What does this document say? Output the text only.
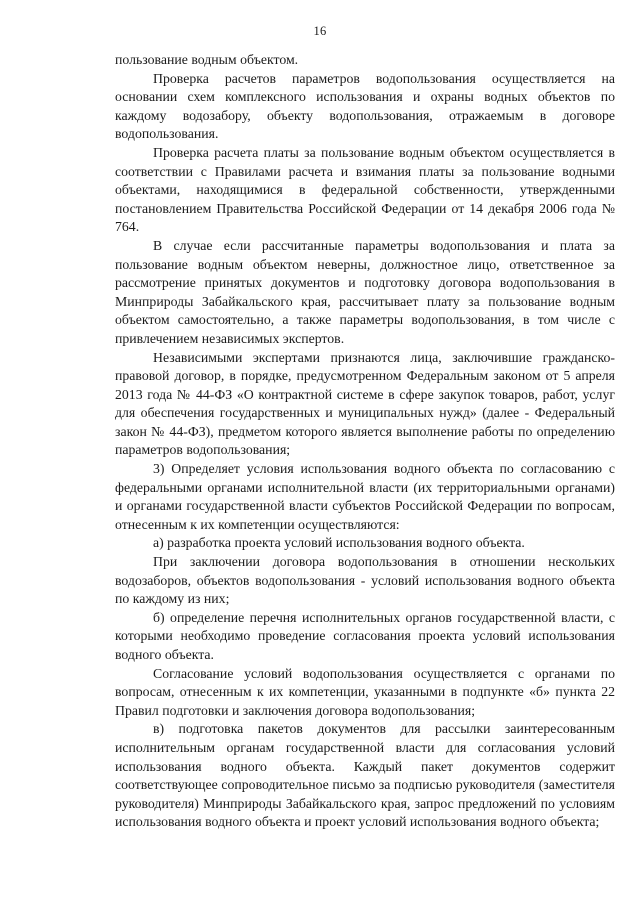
16

пользование водным объектом.

Проверка расчетов параметров водопользования осуществляется на основании схем комплексного использования и охраны водных объектов по каждому водозабору, объекту водопользования, отражаемым в договоре водопользования.

Проверка расчета платы за пользование водным объектом осуществляется в соответствии с Правилами расчета и взимания платы за пользование водными объектами, находящимися в федеральной собственности, утвержденными постановлением Правительства Российской Федерации от 14 декабря 2006 года № 764.

В случае если рассчитанные параметры водопользования и плата за пользование водным объектом неверны, должностное лицо, ответственное за рассмотрение принятых документов и подготовку договора водопользования в Минприроды Забайкальского края, рассчитывает плату за пользование водным объектом самостоятельно, а также параметры водопользования, в том числе с привлечением независимых экспертов.

Независимыми экспертами признаются лица, заключившие гражданско-правовой договор, в порядке, предусмотренном Федеральным законом от 5 апреля 2013 года № 44-ФЗ «О контрактной системе в сфере закупок товаров, работ, услуг для обеспечения государственных и муниципальных нужд» (далее - Федеральный закон № 44-ФЗ), предметом которого является выполнение работы по определению параметров водопользования;

3) Определяет условия использования водного объекта по согласованию с федеральными органами исполнительной власти (их территориальными органами) и органами государственной власти субъектов Российской Федерации по вопросам, отнесенным к их компетенции осуществляются:

а) разработка проекта условий использования водного объекта.

При заключении договора водопользования в отношении нескольких водозаборов, объектов водопользования - условий использования водного объекта по каждому из них;

б) определение перечня исполнительных органов государственной власти, с которыми необходимо проведение согласования проекта условий использования водного объекта.

Согласование условий водопользования осуществляется с органами по вопросам, отнесенным к их компетенции, указанными в подпункте «б» пункта 22 Правил подготовки и заключения договора водопользования;

в) подготовка пакетов документов для рассылки заинтересованным исполнительным органам государственной власти для согласования условий использования водного объекта. Каждый пакет документов содержит соответствующее сопроводительное письмо за подписью руководителя (заместителя руководителя) Минприроды Забайкальского края, запрос предложений по условиям использования водного объекта и проект условий использования водного объекта;
